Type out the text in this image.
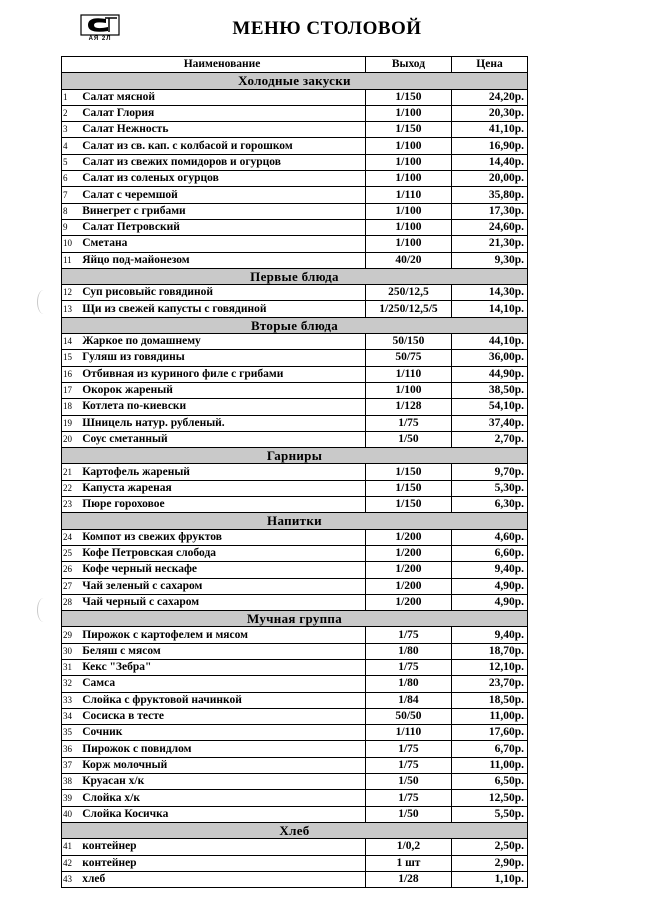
АЯ 2Л	МЕНЮ СТОЛОВОЙ
	Наименование	Выход	Цена
Холодные закуски			
1	Салат мясной	1/150	24,20р.
2	Салат Глория	1/100	20,30р.
3	Салат Нежность	1/150	41,10р.
4	Салат из св. кап. с колбасой и горошком	1/100	16,90р.
5	Салат из свежих помидоров и огурцов	1/100	14,40р.
6	Салат из соленых огурцов	1/100	20,00р.
7	Салат с черемшой	1/110	35,80р.
8	Винегрет с грибами	1/100	17,30р.
9	Салат Петровский	1/100	24,60р.
10	Сметана	1/100	21,30р.
11	Яйцо под-майонезом	40/20	9,30р.
Первые блюда			
12	Суп рисовыйс говядиной	250/12,5	14,30р.
13	Щи из свежей капусты с говядиной	1/250/12,5/5	14,10р.
Вторые блюда			
14	Жаркое по домашнему	50/150	44,10р.
15	Гуляш из говядины	50/75	36,00р.
16	Отбивная из куриного филе с грибами	1/110	44,90р.
17	Окорок жареный	1/100	38,50р.
18	Котлета по-киевски	1/128	54,10р.
19	Шницель натур. рубленый.	1/75	37,40р.
20	Соус сметанный	1/50	2,70р.
Гарниры			
21	Картофель жареный	1/150	9,70р.
22	Капуста жареная	1/150	5,30р.
23	Пюре гороховое	1/150	6,30р.
Напитки			
24	Компот из свежих фруктов	1/200	4,60р.
25	Кофе Петровская слобода	1/200	6,60р.
26	Кофе черный нескафе	1/200	9,40р.
27	Чай зеленый с сахаром	1/200	4,90р.
28	Чай черный с сахаром	1/200	4,90р.
Мучная группа			
29	Пирожок с картофелем и мясом	1/75	9,40р.
30	Беляш с мясом	1/80	18,70р.
31	Кекс "Зебра"	1/75	12,10р.
32	Самса	1/80	23,70р.
33	Слойка с фруктовой начинкой	1/84	18,50р.
34	Сосиска в тесте	50/50	11,00р.
35	Сочник	1/110	17,60р.
36	Пирожок с повидлом	1/75	6,70р.
37	Корж молочный	1/75	11,00р.
38	Круасан х/к	1/50	6,50р.
39	Слойка х/к	1/75	12,50р.
40	Слойка Косичка	1/50	5,50р.
Хлеб			
41	контейнер	1/0,2	2,50р.
42	контейнер	1 шт	2,90р.
43	хлеб	1/28	1,10р.
